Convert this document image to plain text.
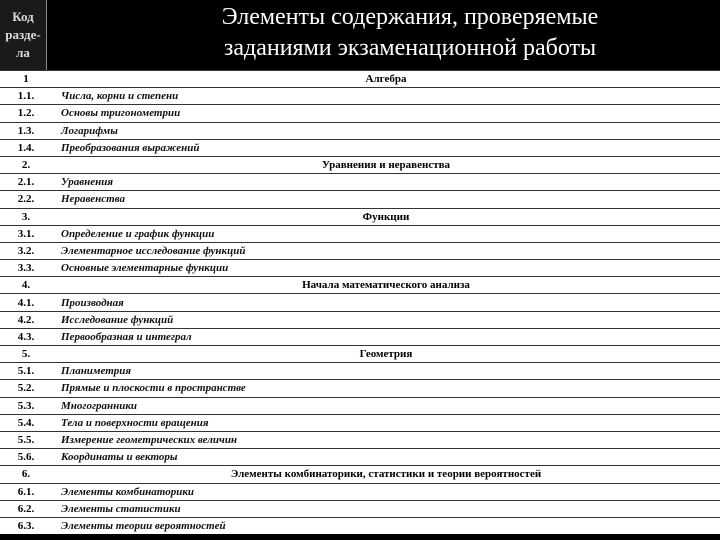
Код
разде-
ла
Элементы содержания, проверяемые
заданиями экзаменационной работы
1	Алгебра
1.1.	Числа, корни и степени
1.2.	Основы тригонометрии
1.3.	Логарифмы
1.4.	Преобразования выражений
2.	Уравнения и неравенства
2.1.	Уравнения
2.2.	Неравенства
3.	Функции
3.1.	Определение и график функции
3.2.	Элементарное исследование функций
3.3.	Основные элементарные функции
4.	Начала математического анализа
4.1.	Производная
4.2.	Исследование функций
4.3.	Первообразная и интеграл
5.	Геометрия
5.1.	Планиметрия
5.2.	Прямые и плоскости в пространстве
5.3.	Многогранники
5.4.	Тела и поверхности вращения
5.5.	Измерение геометрических величин
5.6.	Координаты и векторы
6.	Элементы комбинаторики, статистики и теории вероятностей
6.1.	Элементы комбинаторики
6.2.	Элементы статистики
6.3.	Элементы теории вероятностей
